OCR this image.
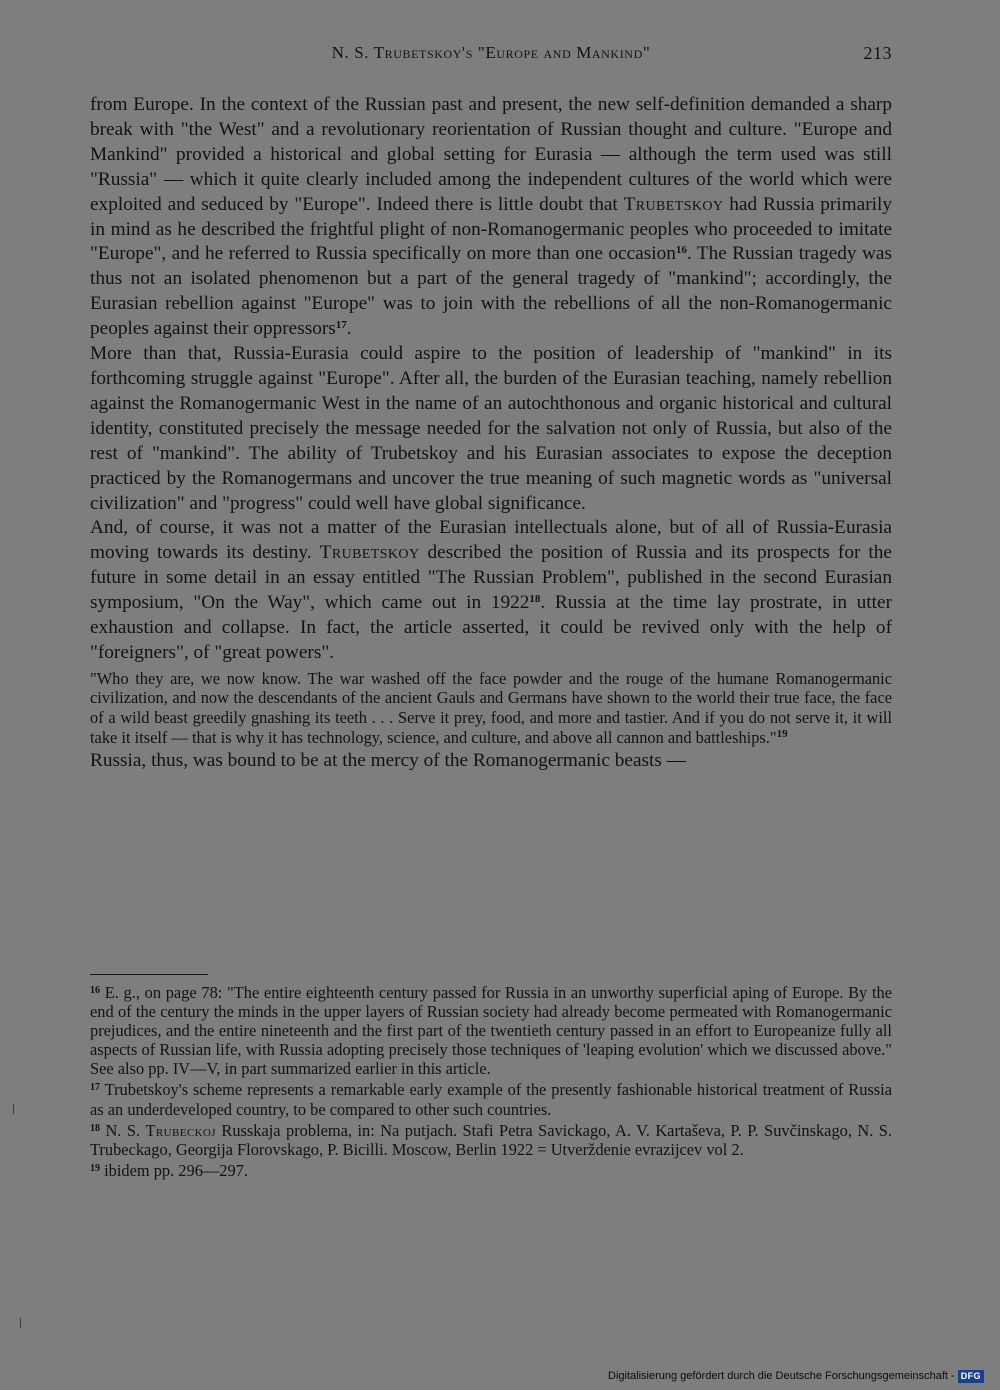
N. S. Trubetskoy's "Europe and Mankind"	213

from Europe. In the context of the Russian past and present, the new self-definition demanded a sharp break with "the West" and a revolutionary reorientation of Russian thought and culture. "Europe and Mankind" provided a historical and global setting for Eurasia — although the term used was still "Russia" — which it quite clearly included among the independent cultures of the world which were exploited and seduced by "Europe". Indeed there is little doubt that Trubetskoy had Russia primarily in mind as he described the frightful plight of non-Romanogermanic peoples who proceeded to imitate "Europe", and he referred to Russia specifically on more than one occasion$^{16}$. The Russian tragedy was thus not an isolated phenomenon but a part of the general tragedy of "mankind"; accordingly, the Eurasian rebellion against "Europe" was to join with the rebellions of all the non-Romanogermanic peoples against their oppressors$^{17}$.

More than that, Russia-Eurasia could aspire to the position of leadership of "mankind" in its forthcoming struggle against "Europe". After all, the burden of the Eurasian teaching, namely rebellion against the Romanogermanic West in the name of an autochthonous and organic historical and cultural identity, constituted precisely the message needed for the salvation not only of Russia, but also of the rest of "mankind". The ability of Trubetskoy and his Eurasian associates to expose the deception practiced by the Romanogermans and uncover the true meaning of such magnetic words as "universal civilization" and "progress" could well have global significance.

And, of course, it was not a matter of the Eurasian intellectuals alone, but of all of Russia-Eurasia moving towards its destiny. Trubetskoy described the position of Russia and its prospects for the future in some detail in an essay entitled "The Russian Problem", published in the second Eurasian symposium, "On the Way", which came out in 1922$^{18}$. Russia at the time lay prostrate, in utter exhaustion and collapse. In fact, the article asserted, it could be revived only with the help of "foreigners", of "great powers".

"Who they are, we now know. The war washed off the face powder and the rouge of the humane Romanogermanic civilization, and now the descendants of the ancient Gauls and Germans have shown to the world their true face, the face of a wild beast greedily gnashing its teeth . . . Serve it prey, food, and more and tastier. And if you do not serve it, it will take it itself — that is why it has technology, science, and culture, and above all cannon and battleships."$^{19}$

Russia, thus, was bound to be at the mercy of the Romanogermanic beasts —

$^{16}$ E. g., on page 78: "The entire eighteenth century passed for Russia in an unworthy superficial aping of Europe. By the end of the century the minds in the upper layers of Russian society had already become permeated with Romanogermanic prejudices, and the entire nineteenth and the first part of the twentieth century passed in an effort to Europeanize fully all aspects of Russian life, with Russia adopting precisely those techniques of 'leaping evolution' which we discussed above." See also pp. IV—V, in part summarized earlier in this article.

$^{17}$ Trubetskoy's scheme represents a remarkable early example of the presently fashionable historical treatment of Russia as an underdeveloped country, to be compared to other such countries.

$^{18}$ N. S. Trubeckoj Russkaja problema, in: Na putjach. Stafi Petra Savickago, A. V. Kartaševa, P. P. Suvčinskago, N. S. Trubeckago, Georgija Florovskago, P. Bicilli. Moscow, Berlin 1922 = Utverždenie evrazijcev vol 2.

$^{19}$ ibidem pp. 296—297.

Digitalisierung gefördert durch die Deutsche Forschungsgemeinschaft - DFG
